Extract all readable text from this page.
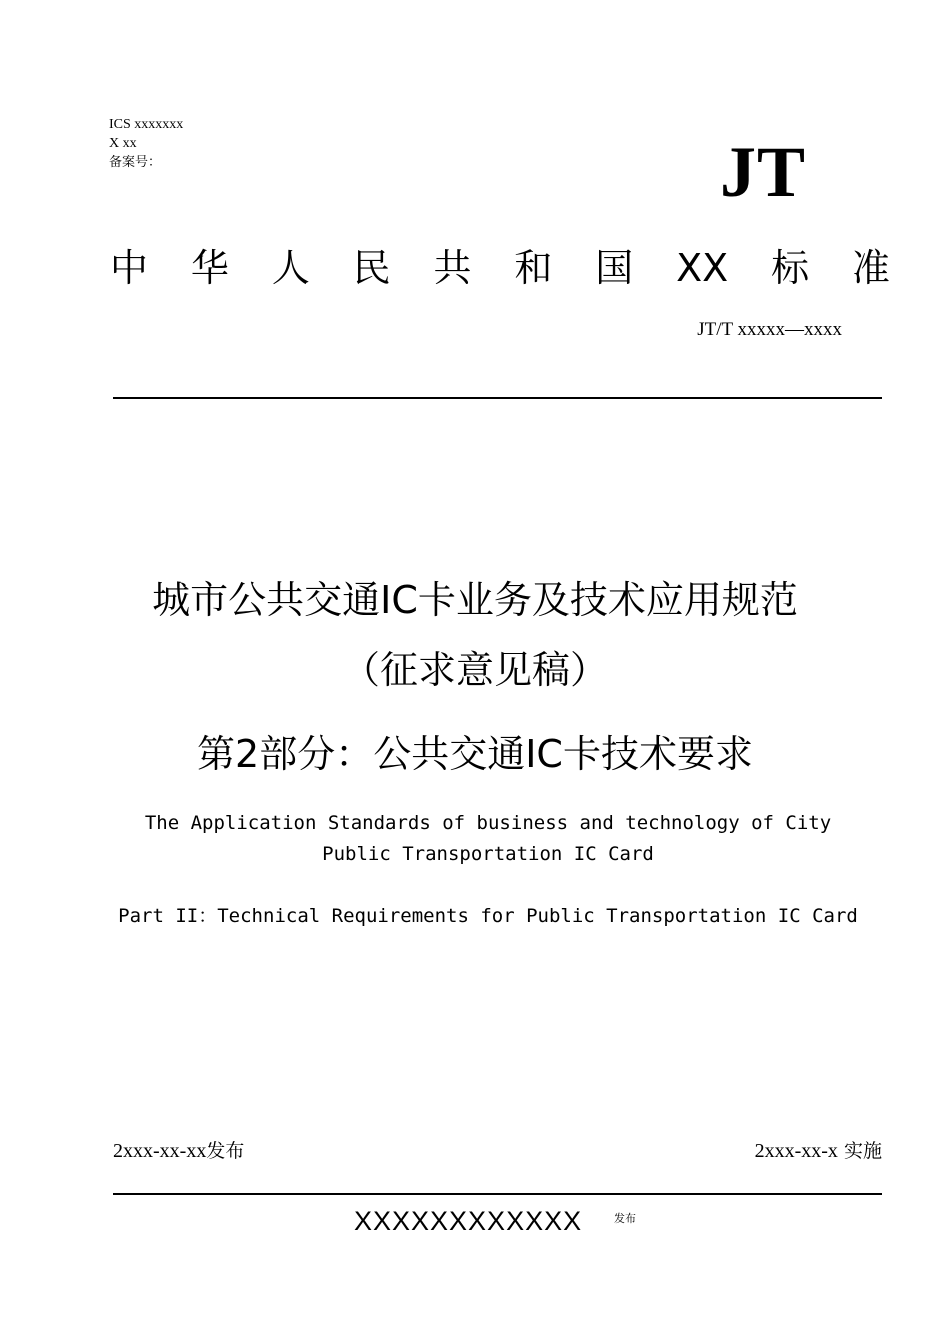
ICS xxxxxxx
X xx
备案号：	JT
中 华 人 民 共 和 国 XX 标 准
JT/T xxxxx—xxxx
城市公共交通IC卡业务及技术应用规范
（征求意见稿）
第2部分：公共交通IC卡技术要求
The Application Standards of business and technology of City
Public Transportation IC Card
Part II：Technical Requirements for Public Transportation IC Card
2xxx-xx-xx发布	2xxx-xx-x 实施
XXXXXXXXXXXX	发布
